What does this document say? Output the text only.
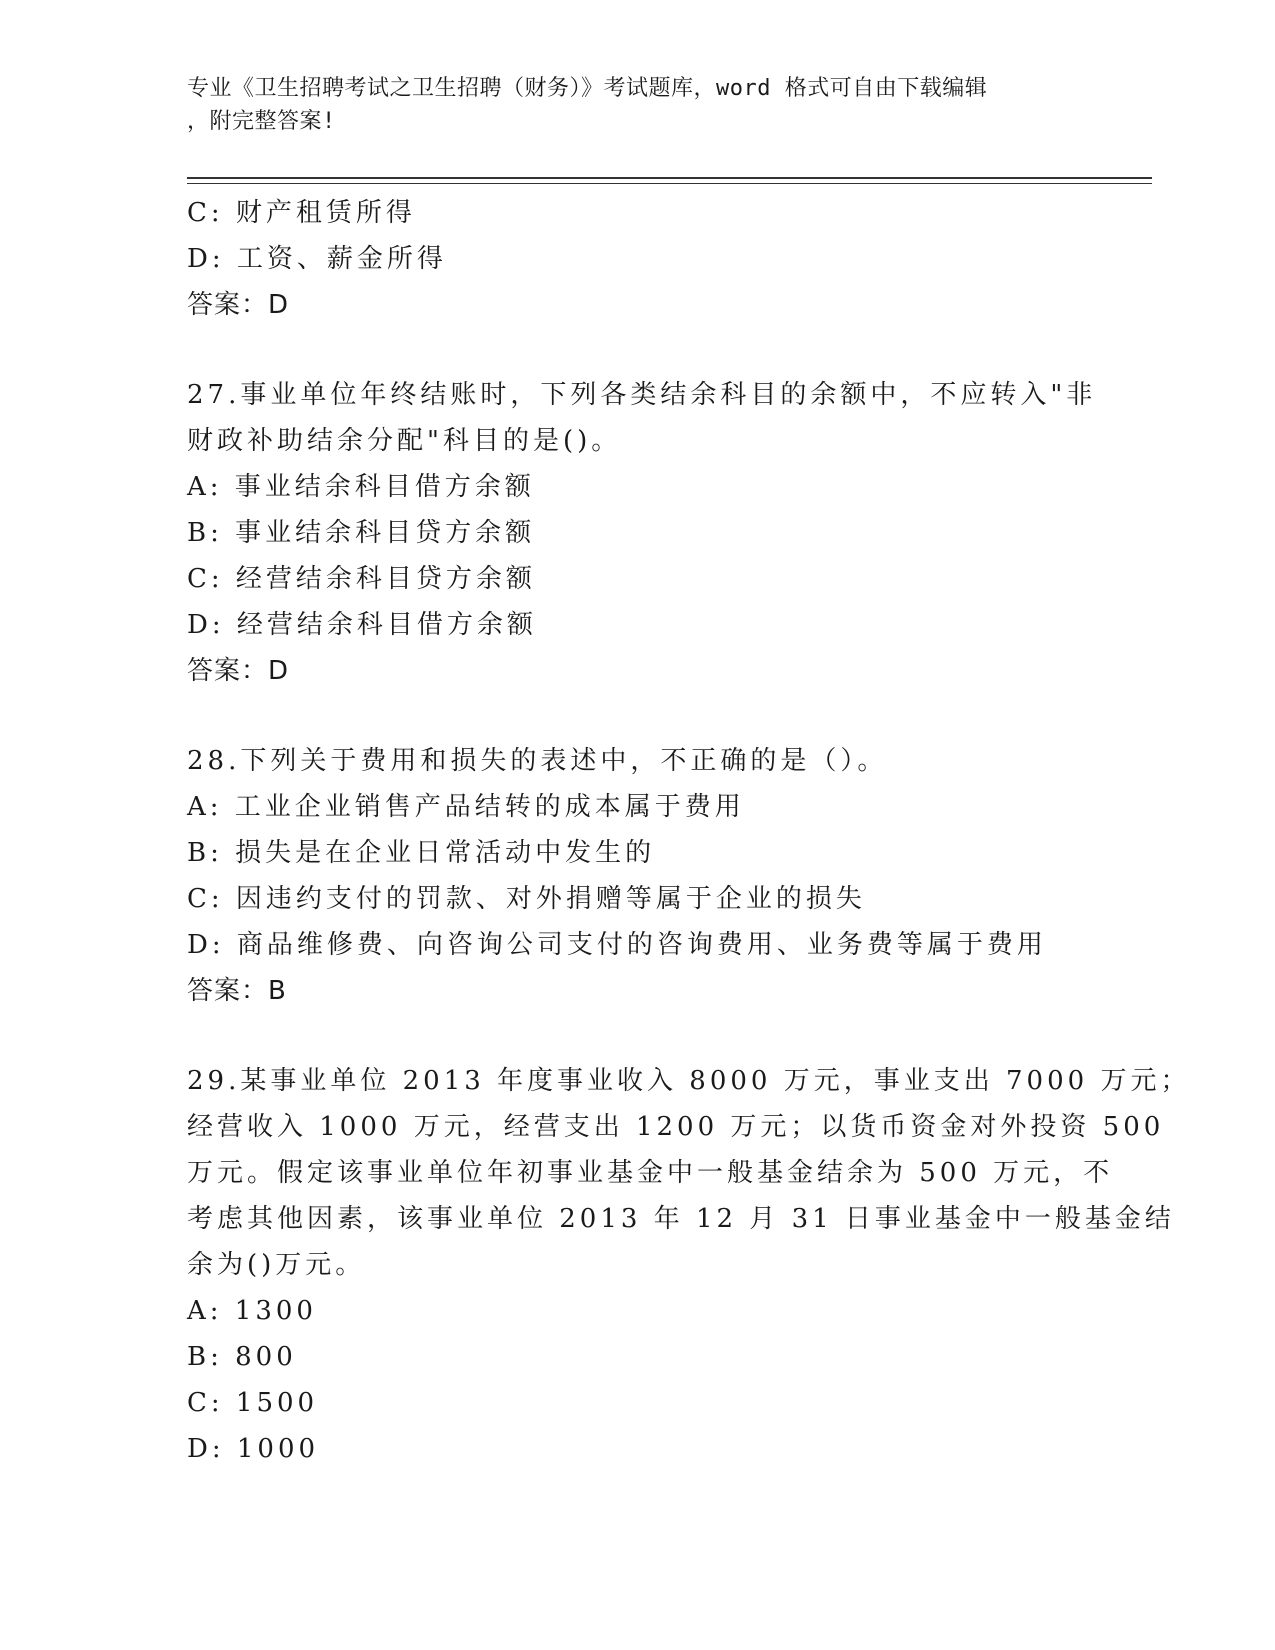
专业《卫生招聘考试之卫生招聘（财务）》考试题库，word 格式可自由下载编辑
，附完整答案!
C: 财产租赁所得
D: 工资、薪金所得
答案：D
27.事业单位年终结账时，下列各类结余科目的余额中，不应转入"非
财政补助结余分配"科目的是()。
A: 事业结余科目借方余额
B: 事业结余科目贷方余额
C: 经营结余科目贷方余额
D: 经营结余科目借方余额
答案：D
28.下列关于费用和损失的表述中，不正确的是（）。
A: 工业企业销售产品结转的成本属于费用
B: 损失是在企业日常活动中发生的
C: 因违约支付的罚款、对外捐赠等属于企业的损失
D: 商品维修费、向咨询公司支付的咨询费用、业务费等属于费用
答案：B
29.某事业单位 2013 年度事业收入 8000 万元，事业支出 7000 万元；
经营收入 1000 万元，经营支出 1200 万元；以货币资金对外投资 500
万元。假定该事业单位年初事业基金中一般基金结余为 500 万元，不
考虑其他因素，该事业单位 2013 年 12 月 31 日事业基金中一般基金结
余为()万元。
A: 1300
B: 800
C: 1500
D: 1000
